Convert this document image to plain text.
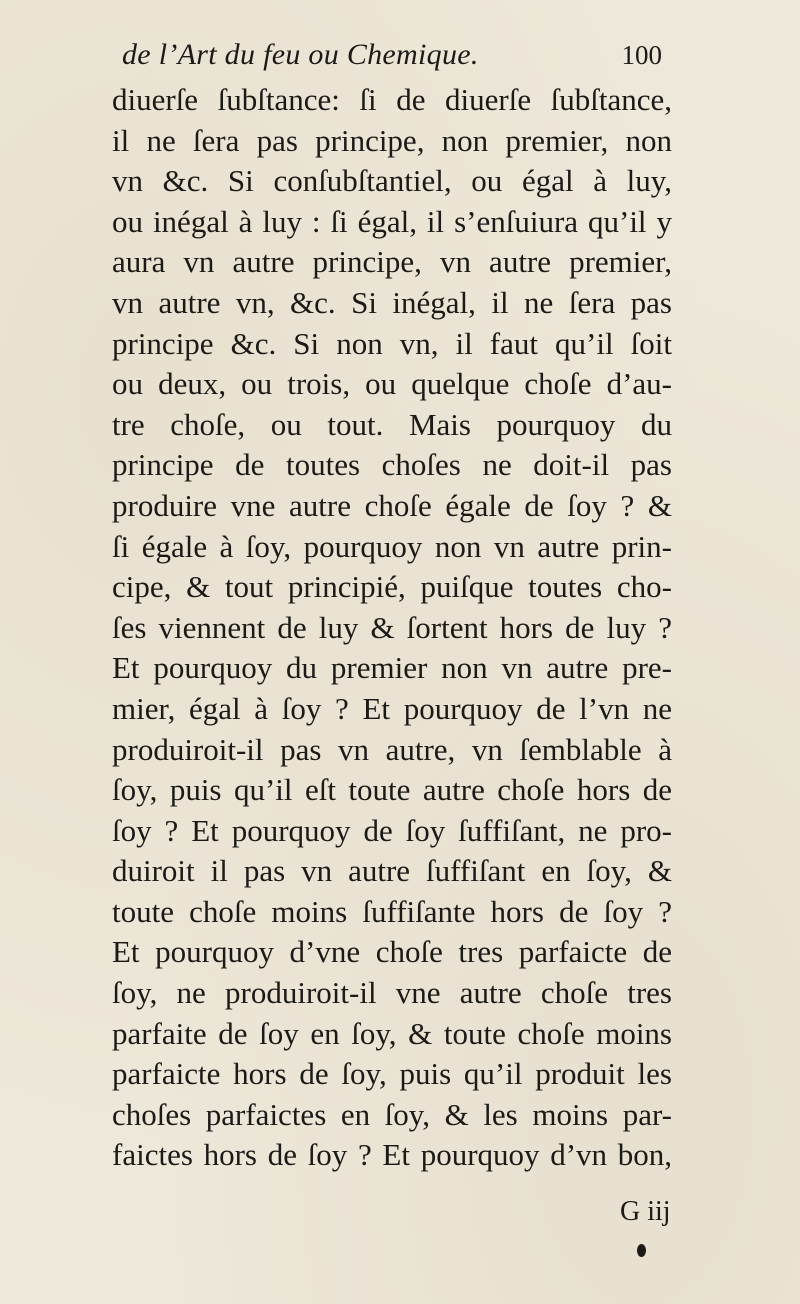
de l’Art du feu ou Chemique.	100
diuerſe ſubſtance: ſi de diuerſe ſubſtance,
il ne ſera pas principe, non premier, non
vn &c. Si conſubſtantiel, ou égal à luy,
ou inégal à luy : ſi égal, il s’enſuiura qu’il y
aura vn autre principe, vn autre premier,
vn autre vn, &c. Si inégal, il ne ſera pas
principe &c. Si non vn, il faut qu’il ſoit
ou deux, ou trois, ou quelque choſe d’au-
tre choſe, ou tout. Mais pourquoy du
principe de toutes choſes ne doit-il pas
produire vne autre choſe égale de ſoy ? &
ſi égale à ſoy, pourquoy non vn autre prin-
cipe, & tout principié, puiſque toutes cho-
ſes viennent de luy & ſortent hors de luy ?
Et pourquoy du premier non vn autre pre-
mier, égal à ſoy ? Et pourquoy de l’vn ne
produiroit-il pas vn autre, vn ſemblable à
ſoy, puis qu’il eſt toute autre choſe hors de
ſoy ? Et pourquoy de ſoy ſuffiſant, ne pro-
duiroit il pas vn autre ſuffiſant en ſoy, &
toute choſe moins ſuffiſante hors de ſoy ?
Et pourquoy d’vne choſe tres parfaicte de
ſoy, ne produiroit-il vne autre choſe tres
parfaite de ſoy en ſoy, & toute choſe moins
parfaicte hors de ſoy, puis qu’il produit les
choſes parfaictes en ſoy, & les moins par-
faictes hors de ſoy ? Et pourquoy d’vn bon,
G iij
